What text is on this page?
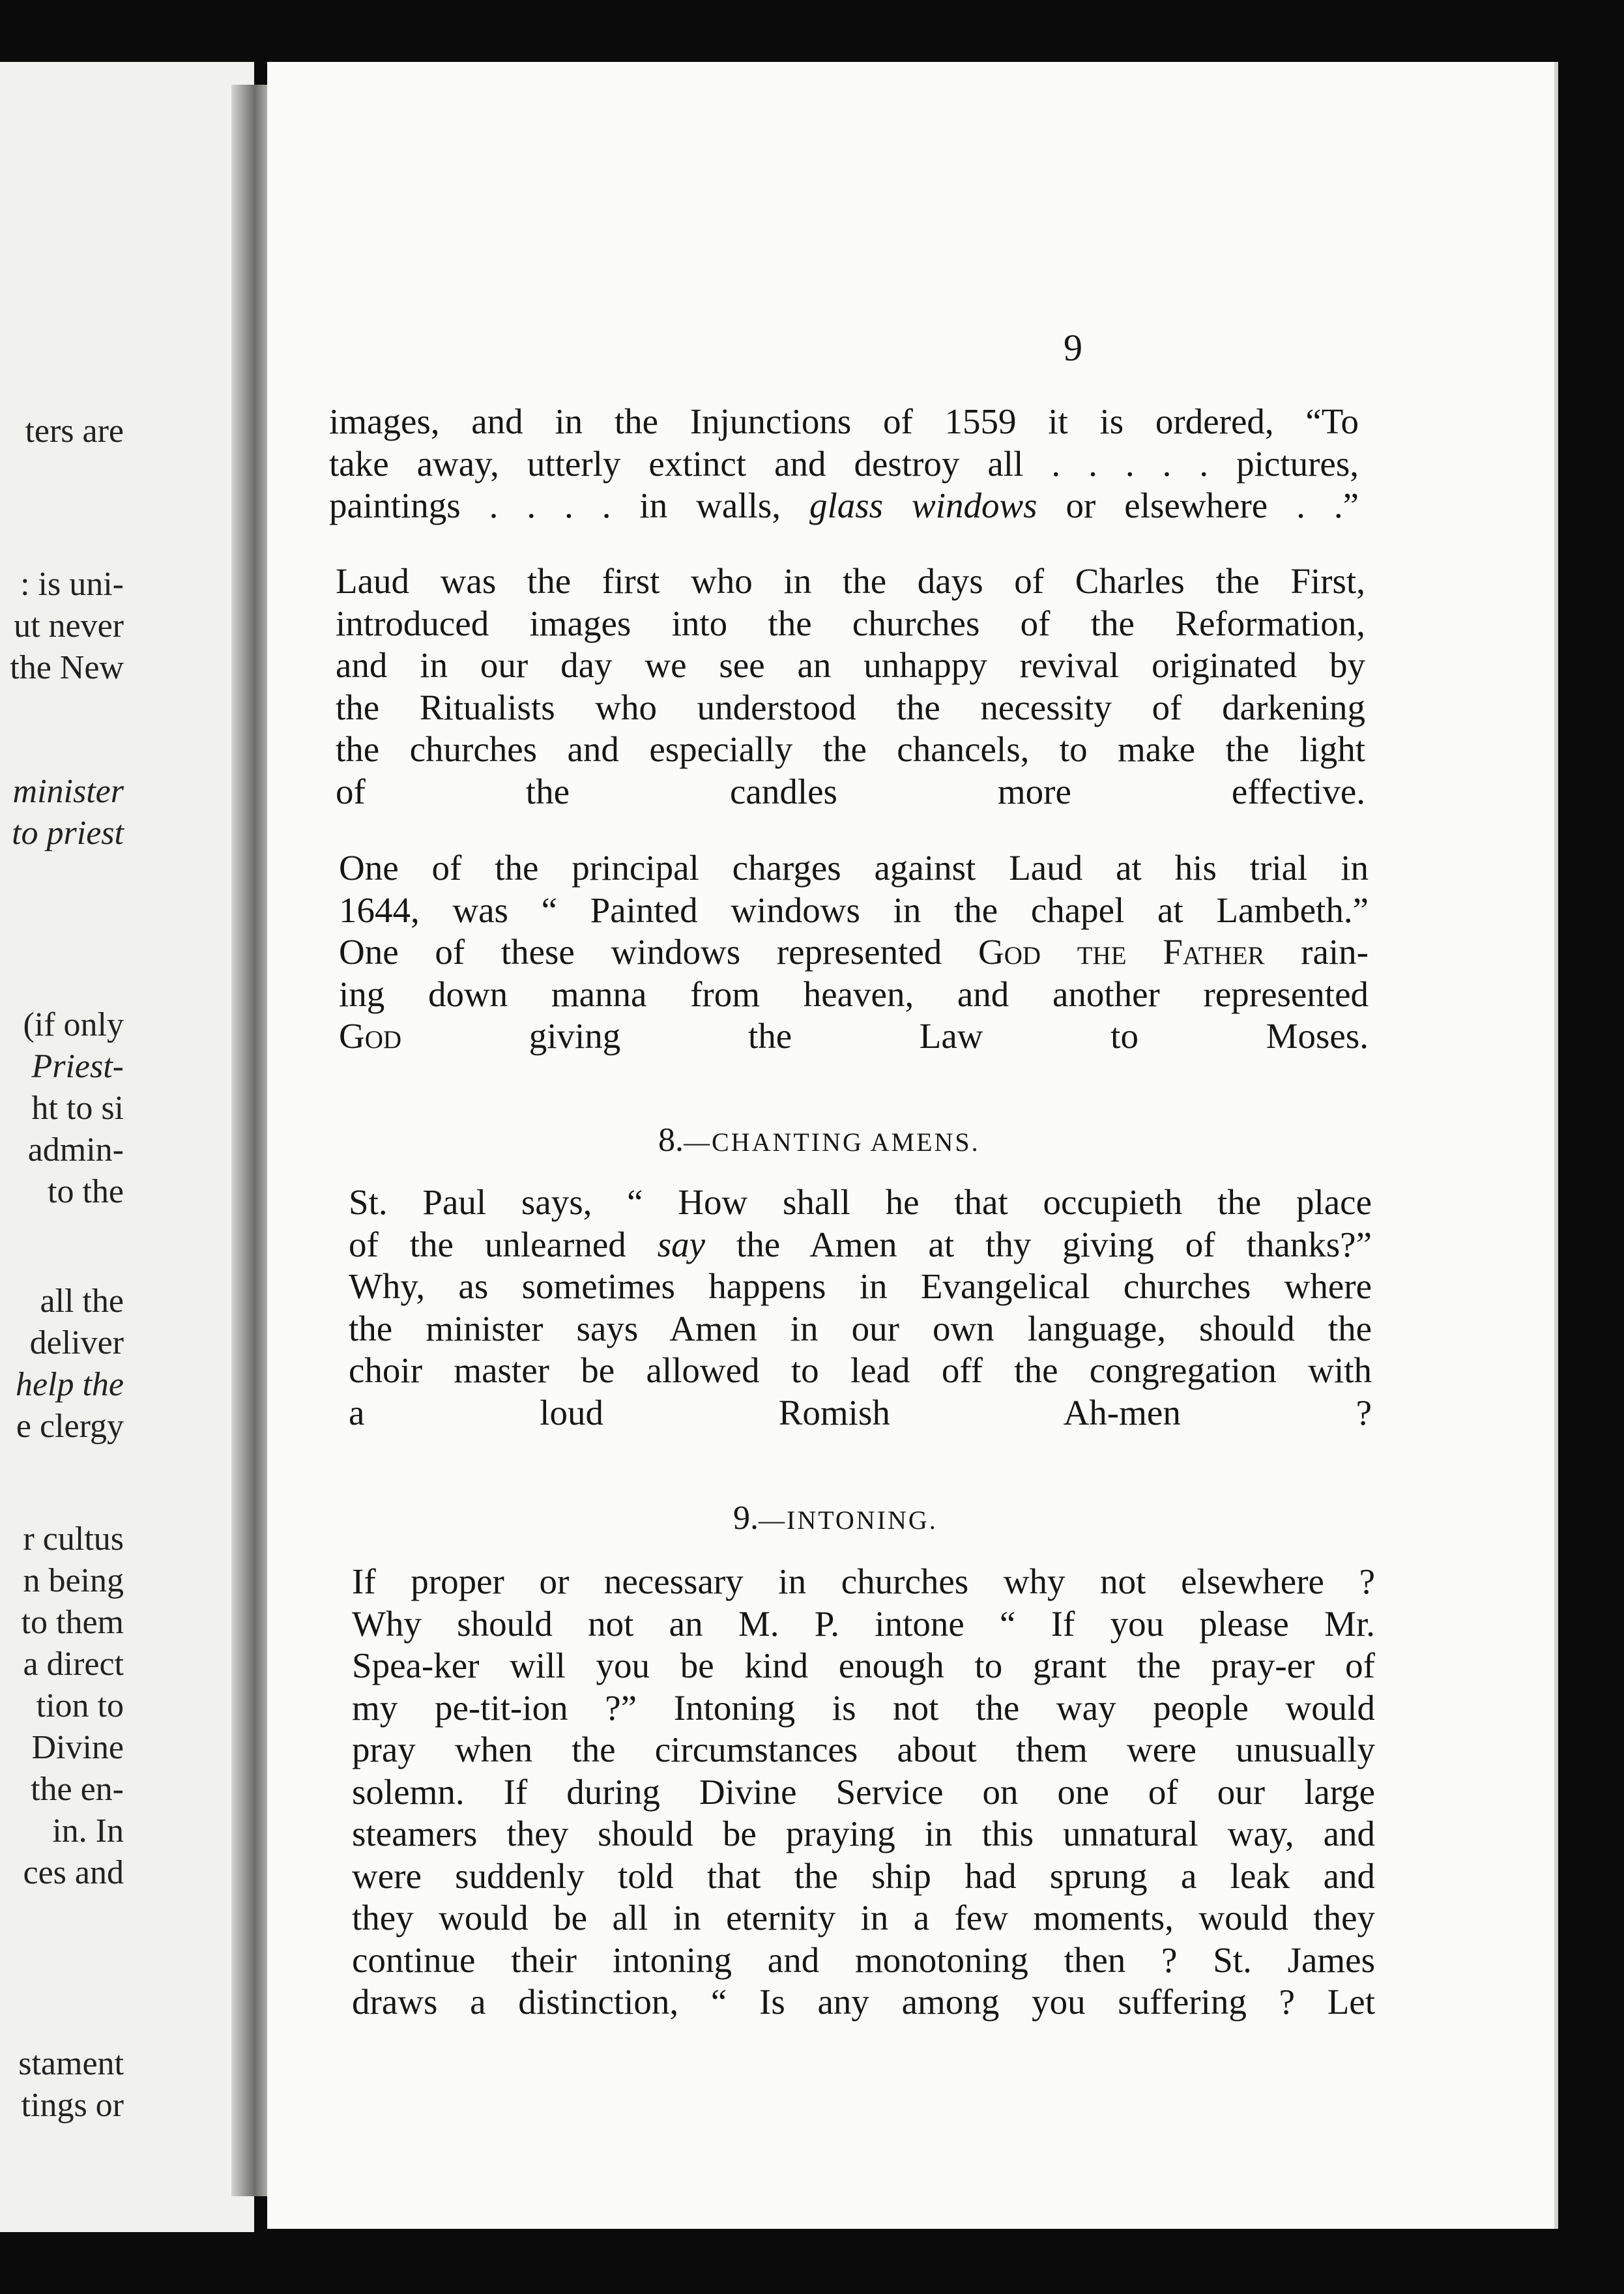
ters are
: is uni-
ut never
the New
minister
to priest
(if only
Priest-
ht to si
admin-
to the
all the
deliver
help the
e clergy
r cultus
n being
to them
a direct
tion to
Divine
the en-
in. In
ces and
stament
tings or
9

images, and in the Injunctions of 1559 it is ordered, “To
take away, utterly extinct and destroy all . . . . . pictures,
paintings . . . . in walls, glass windows or elsewhere . .”

Laud was the first who in the days of Charles the First,
introduced images into the churches of the Reformation,
and in our day we see an unhappy revival originated by
the Ritualists who understood the necessity of darkening
the churches and especially the chancels, to make the light
of the candles more effective.

One of the principal charges against Laud at his trial in
1644, was “ Painted windows in the chapel at Lambeth.”
One of these windows represented God the Father rain-
ing down manna from heaven, and another represented
God giving the Law to Moses.

8.—CHANTING AMENS.

St. Paul says, “ How shall he that occupieth the place
of the unlearned say the Amen at thy giving of thanks?”
Why, as sometimes happens in Evangelical churches where
the minister says Amen in our own language, should the
choir master be allowed to lead off the congregation with
a loud Romish Ah-men ?

9.—INTONING.

If proper or necessary in churches why not elsewhere ?
Why should not an M. P. intone “ If you please Mr.
Spea-ker will you be kind enough to grant the pray-er of
my pe-tit-ion ?” Intoning is not the way people would
pray when the circumstances about them were unusually
solemn. If during Divine Service on one of our large
steamers they should be praying in this unnatural way, and
were suddenly told that the ship had sprung a leak and
they would be all in eternity in a few moments, would they
continue their intoning and monotoning then ? St. James
draws a distinction, “ Is any among you suffering ? Let
